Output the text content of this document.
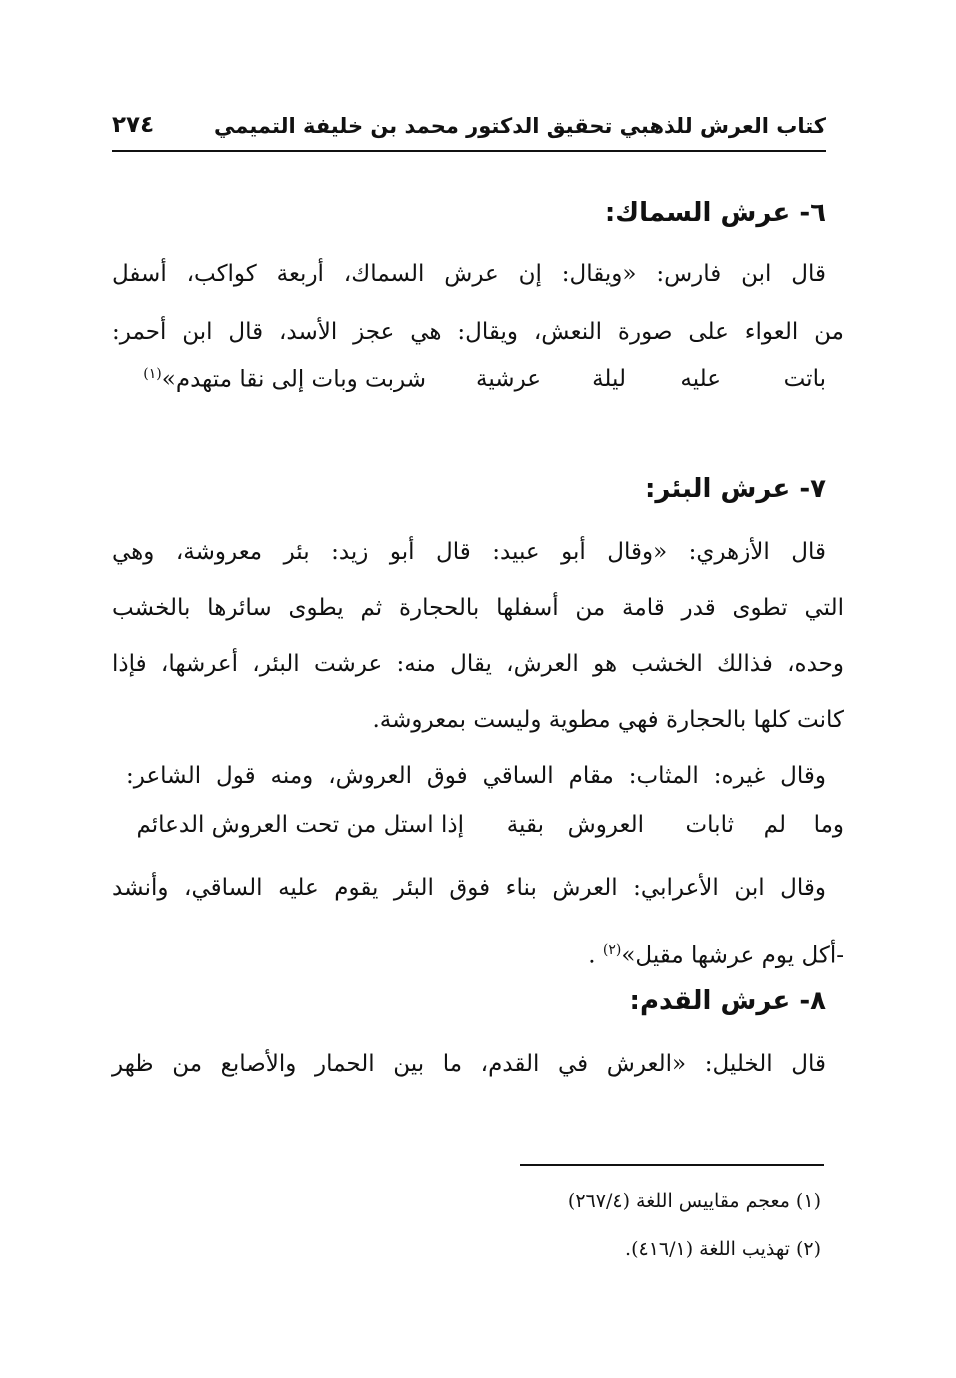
كتاب العرش للذهبي تحقيق الدكتور محمد بن خليفة التميمي
٢٧٤
٦- عرش السماك:
قال ابن فارس: «ويقال: إن عرش السماك، أربعة كواكب، أسفل
من العواء على صورة النعش، ويقال: هي عجز الأسد، قال ابن أحمر:
باتت
عليه
ليلة
عرشية
شربت وبات إلى نقا متهدم»$^{(١)}$
٧- عرش البئر:
قال الأزهري: «وقال أبو عبيد: قال أبو زيد: بئر معروشة، وهي
التي تطوى قدر قامة من أسفلها بالحجارة ثم يطوى سائرها بالخشب
وحده، فذالك الخشب هو العرش، يقال منه: عرشت البئر، أعرشها، فإذا
كانت كلها بالحجارة فهي مطوية وليست بمعروشة.
وقال غيره: المثاب: مقام الساقي فوق العروش، ومنه قول الشاعر:
وما
لم
ثابات
العروش
بقية
إذا استل من تحت العروش الدعائم
وقال ابن الأعرابي: العرش بناء فوق البئر يقوم عليه الساقي، وأنشد
-أكل يوم عرشها مقيل»$^{(٢)}$ .
٨- عرش القدم:
قال الخليل: «العرش في القدم، ما بين الحمار والأصابع من ظهر
(١) معجم مقاييس اللغة (٢٦٧/٤)
(٢) تهذيب اللغة (٤١٦/١).
